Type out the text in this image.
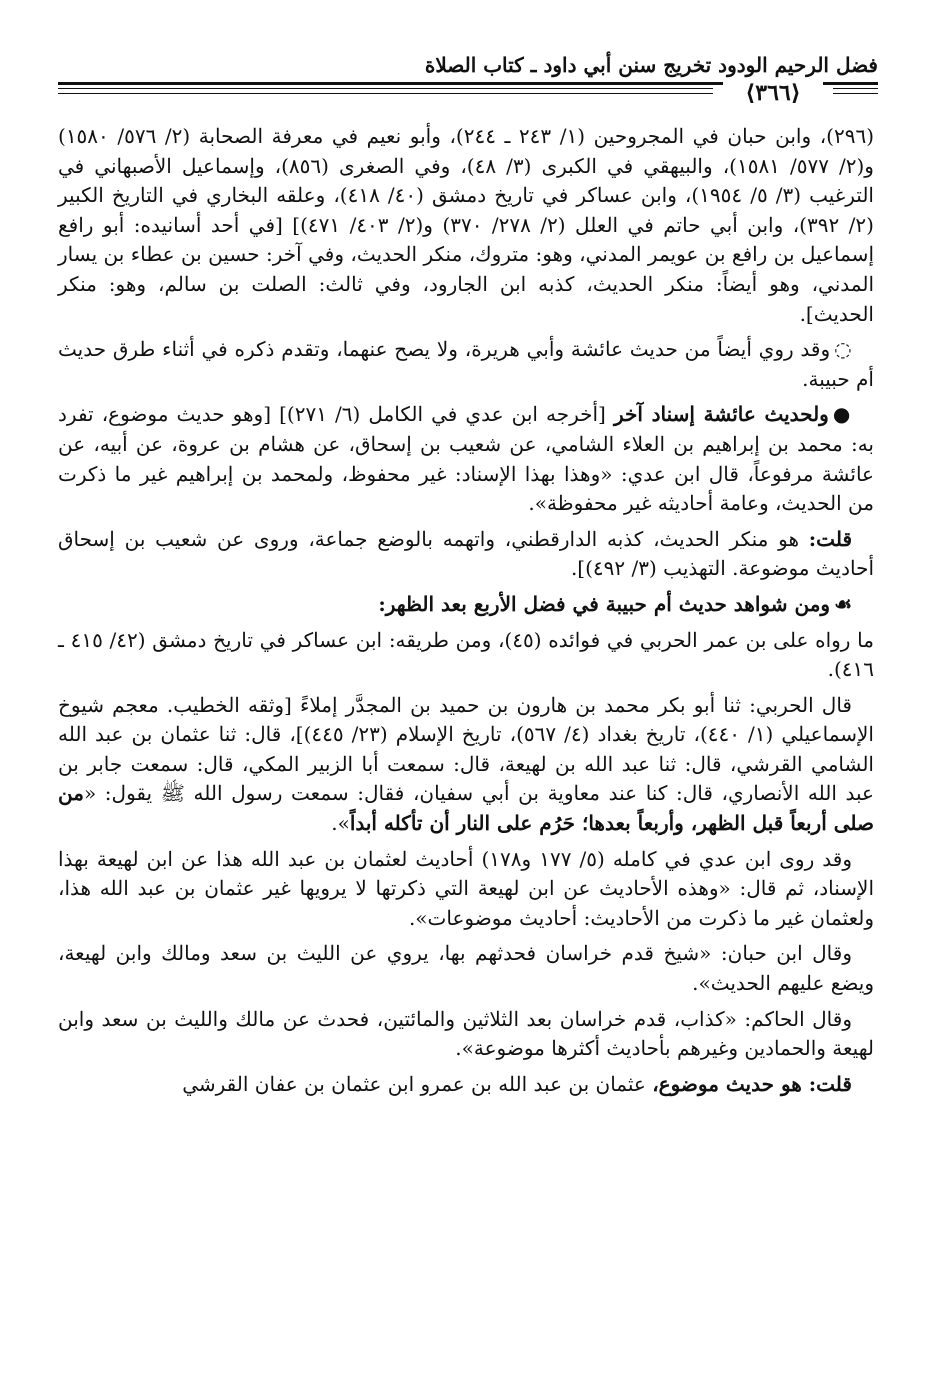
فضل الرحيم الودود تخريج سنن أبي داود ـ كتاب الصلاة
⟨٣٦٦⟩

(٢٩٦)، وابن حبان في المجروحين (١/ ٢٤٣ ـ ٢٤٤)، وأبو نعيم في معرفة الصحابة (٢/ ٥٧٦/ ١٥٨٠) و(٢/ ٥٧٧/ ١٥٨١)، والبيهقي في الكبرى (٣/ ٤٨)، وفي الصغرى (٨٥٦)، وإسماعيل الأصبهاني في الترغيب (٣/ ٥/ ١٩٥٤)، وابن عساكر في تاريخ دمشق (٤٠/ ٤١٨)، وعلقه البخاري في التاريخ الكبير (٢/ ٣٩٢)، وابن أبي حاتم في العلل (٢/ ٢٧٨/ ٣٧٠) و(٢/ ٤٠٣/ ٤٧١)] [في أحد أسانيده: أبو رافع إسماعيل بن رافع بن عويمر المدني، وهو: متروك، منكر الحديث، وفي آخر: حسين بن عطاء بن يسار المدني، وهو أيضاً: منكر الحديث، كذبه ابن الجارود، وفي ثالث: الصلت بن سالم، وهو: منكر الحديث].

◌وقد روي أيضاً من حديث عائشة وأبي هريرة، ولا يصح عنهما، وتقدم ذكره في أثناء طرق حديث أم حبيبة.

●ولحديث عائشة إسناد آخر [أخرجه ابن عدي في الكامل (٦/ ٢٧١)] [وهو حديث موضوع، تفرد به: محمد بن إبراهيم بن العلاء الشامي، عن شعيب بن إسحاق، عن هشام بن عروة، عن أبيه، عن عائشة مرفوعاً، قال ابن عدي: «وهذا بهذا الإسناد: غير محفوظ، ولمحمد بن إبراهيم غير ما ذكرت من الحديث، وعامة أحاديثه غير محفوظة».

قلت: هو منكر الحديث، كذبه الدارقطني، واتهمه بالوضع جماعة، وروى عن شعيب بن إسحاق أحاديث موضوعة. التهذيب (٣/ ٤٩٢)].

☙ومن شواهد حديث أم حبيبة في فضل الأربع بعد الظهر:

ما رواه على بن عمر الحربي في فوائده (٤٥)، ومن طريقه: ابن عساكر في تاريخ دمشق (٤٢/ ٤١٥ ـ ٤١٦).

قال الحربي: ثنا أبو بكر محمد بن هارون بن حميد بن المجدَّر إملاءً [وثقه الخطيب. معجم شيوخ الإسماعيلي (١/ ٤٤٠)، تاريخ بغداد (٤/ ٥٦٧)، تاريخ الإسلام (٢٣/ ٤٤٥)]، قال: ثنا عثمان بن عبد الله الشامي القرشي، قال: ثنا عبد الله بن لهيعة، قال: سمعت أبا الزبير المكي، قال: سمعت جابر بن عبد الله الأنصاري، قال: كنا عند معاوية بن أبي سفيان، فقال: سمعت رسول الله ﷺ يقول: «من صلى أربعاً قبل الظهر، وأربعاً بعدها؛ حَرُم على النار أن تأكله أبداً».

وقد روى ابن عدي في كامله (٥/ ١٧٧ و١٧٨) أحاديث لعثمان بن عبد الله هذا عن ابن لهيعة بهذا الإسناد، ثم قال: «وهذه الأحاديث عن ابن لهيعة التي ذكرتها لا يرويها غير عثمان بن عبد الله هذا، ولعثمان غير ما ذكرت من الأحاديث: أحاديث موضوعات».

وقال ابن حبان: «شيخ قدم خراسان فحدثهم بها، يروي عن الليث بن سعد ومالك وابن لهيعة، ويضع عليهم الحديث».

وقال الحاكم: «كذاب، قدم خراسان بعد الثلاثين والمائتين، فحدث عن مالك والليث بن سعد وابن لهيعة والحمادين وغيرهم بأحاديث أكثرها موضوعة».

قلت: هو حديث موضوع، عثمان بن عبد الله بن عمرو ابن عثمان بن عفان القرشي
